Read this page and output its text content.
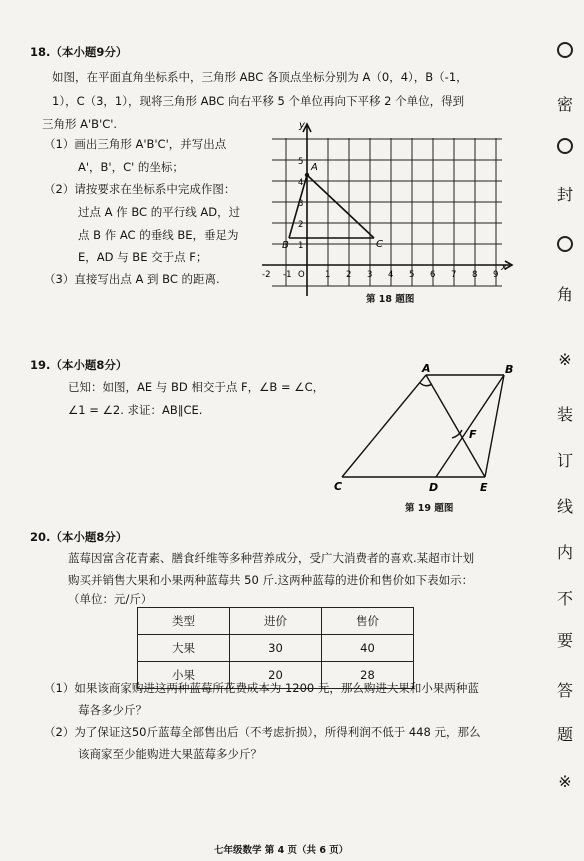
18.（本小题9分）
如图，在平面直角坐标系中，三角形 ABC 各顶点坐标分别为 A（0，4），B（-1，
1），C（3，1），现将三角形 ABC 向右平移 5 个单位再向下平移 2 个单位，得到
三角形 A'B'C'.
（1）画出三角形 A'B'C'，并写出点
A'，B'，C' 的坐标；
（2）请按要求在坐标系中完成作图：
过点 A 作 BC 的平行线 AD，过
点 B 作 AC 的垂线 BE，垂足为
E，AD 与 BE 交于点 F；
（3）直接写出点 A 到 BC 的距离.
x
y
A
B	C
-2 -1 O 1 2 3 4 5 6 7 8 9
5
4
3
2
1
第 18 题图
19.（本小题8分）
已知：如图，AE 与 BD 相交于点 F，∠B = ∠C，
∠1 = ∠2. 求证：AB∥CE.
A	B
C	D	E
F
第 19 题图
20.（本小题8分）
蓝莓因富含花青素、膳食纤维等多种营养成分，受广大消费者的喜欢.某超市计划
购买并销售大果和小果两种蓝莓共 50 斤.这两种蓝莓的进价和售价如下表如示：
（单位：元/斤）
类型	进价	售价
大果	30	40
小果	20	28
（1）如果该商家购进这两种蓝莓所花费成本为 1200 元，那么购进大果和小果两种蓝
莓各多少斤？
（2）为了保证这50斤蓝莓全部售出后（不考虑折损），所得利润不低于 448 元，那么
该商家至少能购进大果蓝莓多少斤？
七年级数学 第 4 页（共 6 页）
密
封
角
※
装
订
线
内
不
要
答
题
※
